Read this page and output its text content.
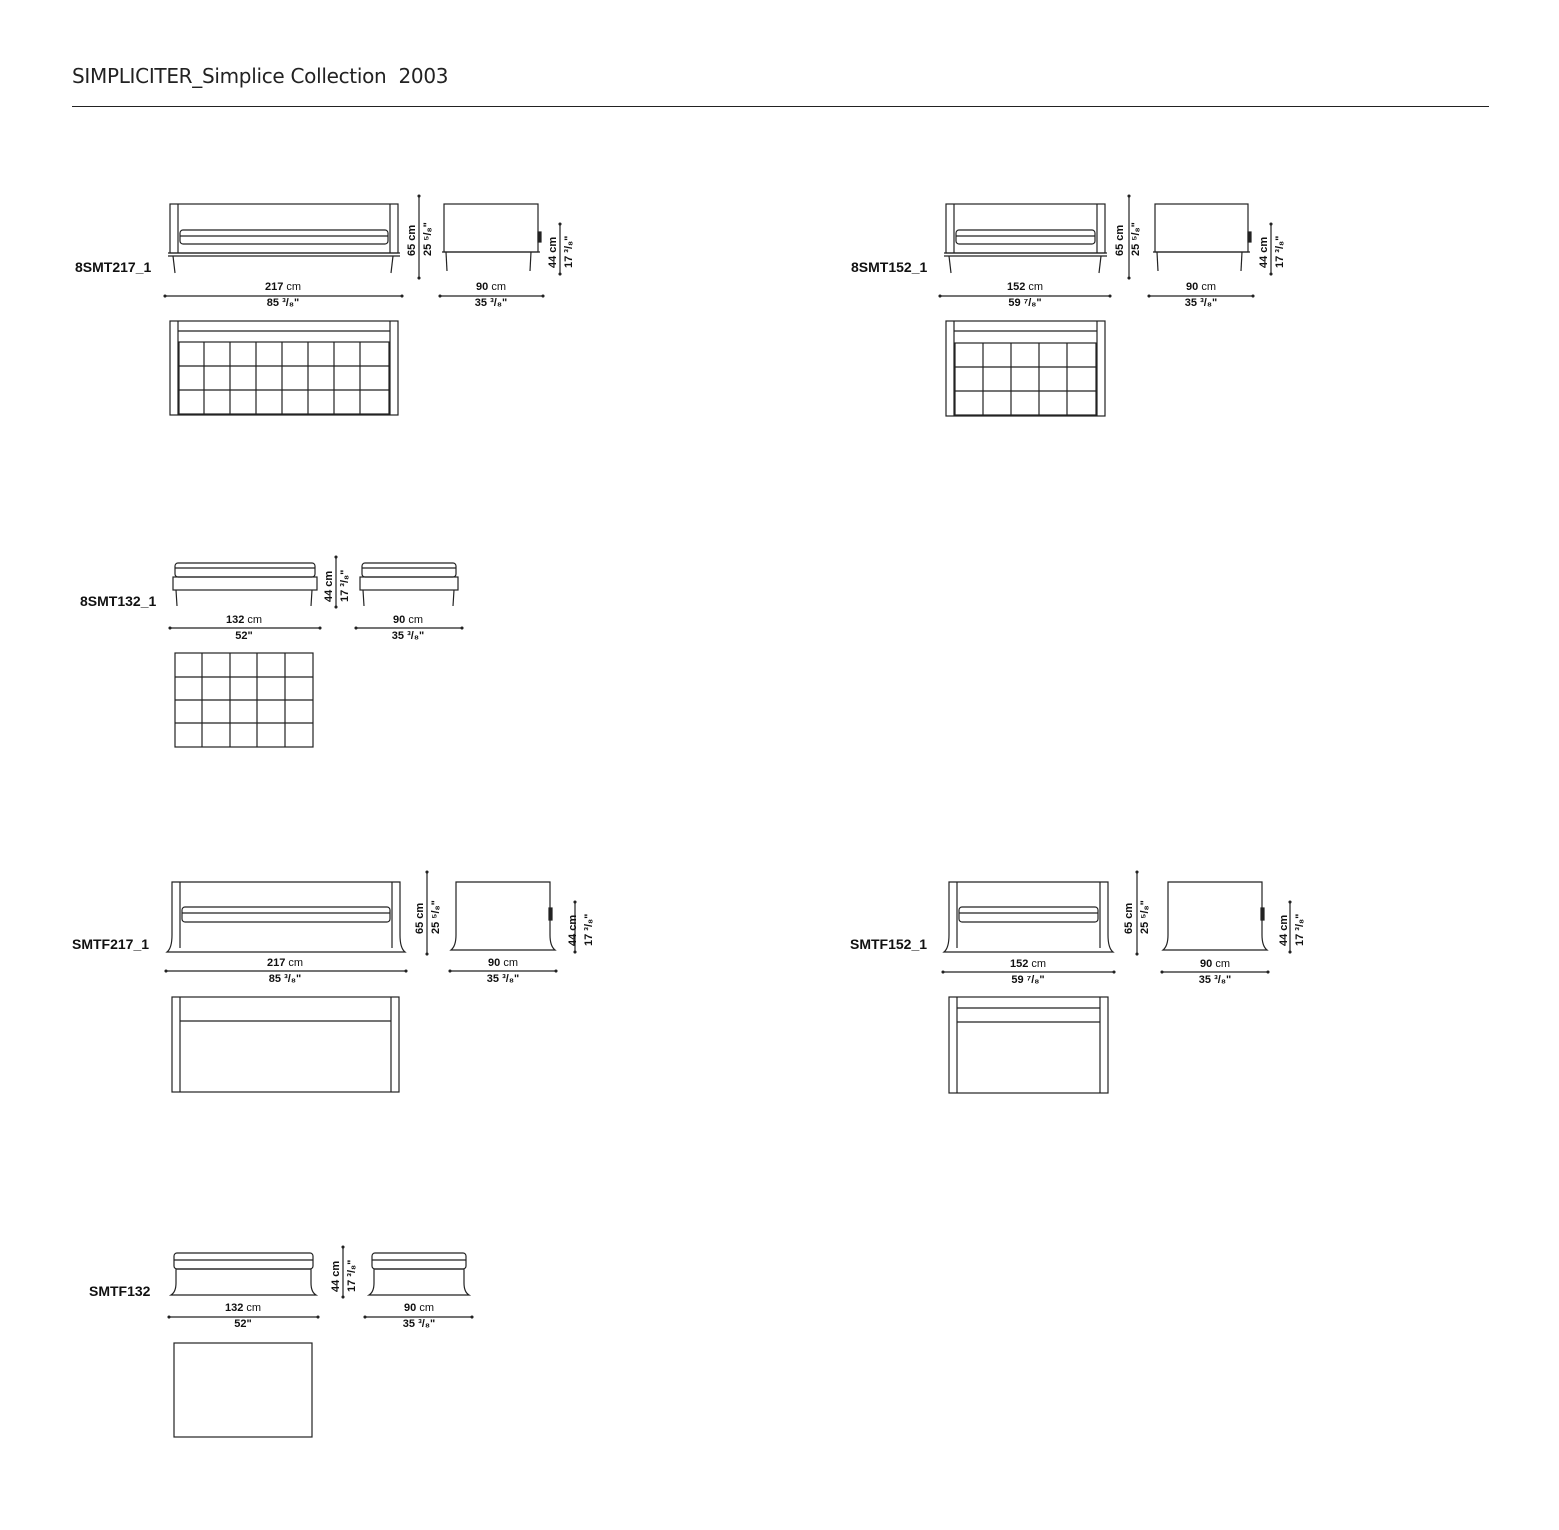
SIMPLICITER_Simplice Collection  2003
8SMT217_1
217 cm
85 ³/₈"
90 cm
35 ³/₈"
65 cm 25 ⁵/₈"	44 cm 17 ³/₈"	8SMT152_1
152 cm
59 ⁷/₈"
90 cm
35 ³/₈"
65 cm 25 ⁵/₈"	44 cm 17 ³/₈"
8SMT132_1
132 cm
52"
90 cm
35 ³/₈"
44 cm 17 ³/₈"
SMTF217_1
217 cm
85 ³/₈"
90 cm
35 ³/₈"
65 cm 25 ⁵/₈"	44 cm 17 ³/₈"	SMTF152_1
152 cm
59 ⁷/₈"
90 cm
35 ³/₈"
65 cm 25 ⁵/₈"	44 cm 17 ³/₈"
SMTF132
132 cm
52"
90 cm
35 ³/₈"
44 cm 17 ³/₈"
